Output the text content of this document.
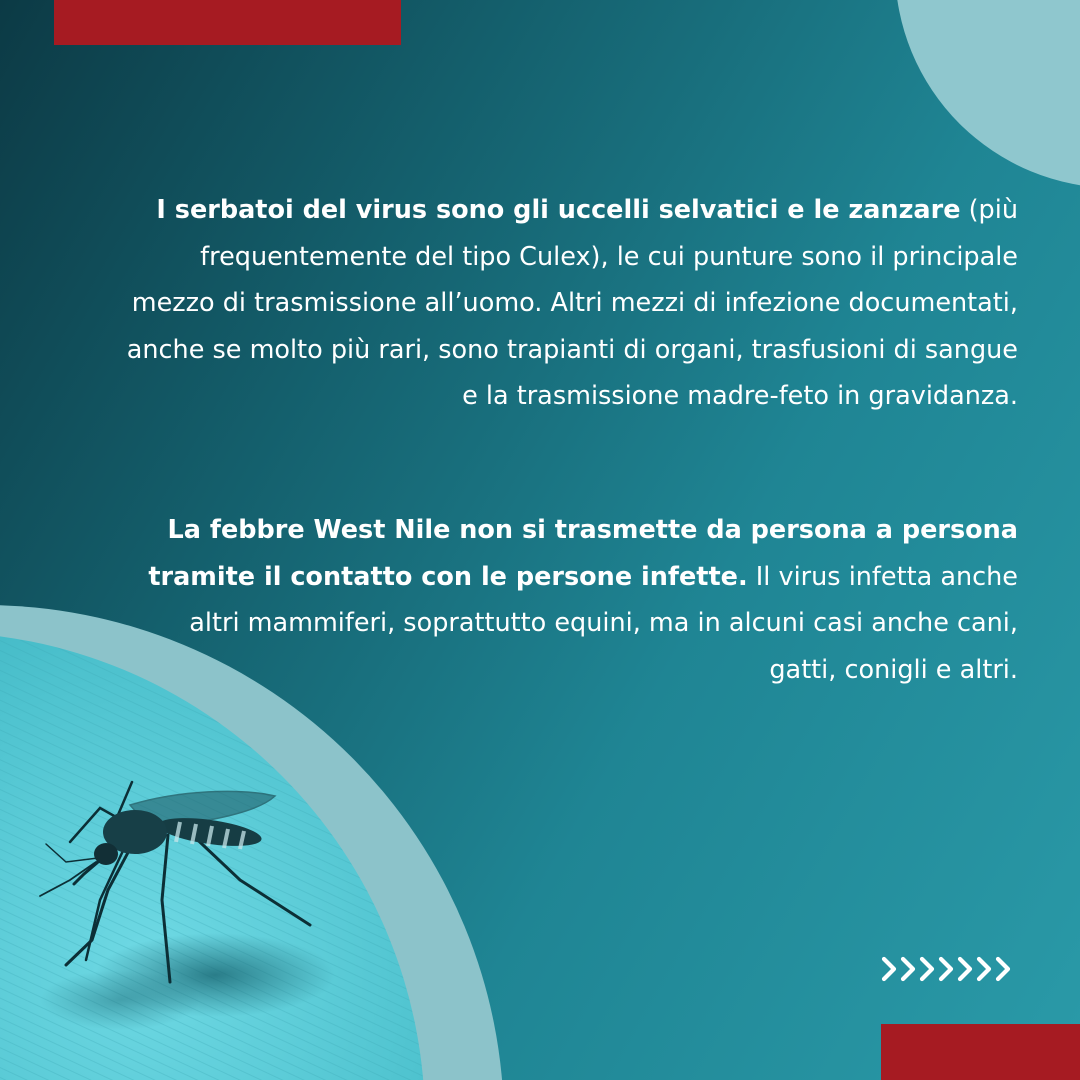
I serbatoi del virus sono gli uccelli selvatici e le zanzare (più frequentemente del tipo Culex), le cui punture sono il principale mezzo di trasmissione all’uomo. Altri mezzi di infezione documentati, anche se molto più rari, sono trapianti di organi, trasfusioni di sangue e la trasmissione madre-feto in gravidanza.

La febbre West Nile non si trasmette da persona a persona tramite il contatto con le persone infette. Il virus infetta anche altri mammiferi, soprattutto equini, ma in alcuni casi anche cani, gatti, conigli e altri.
